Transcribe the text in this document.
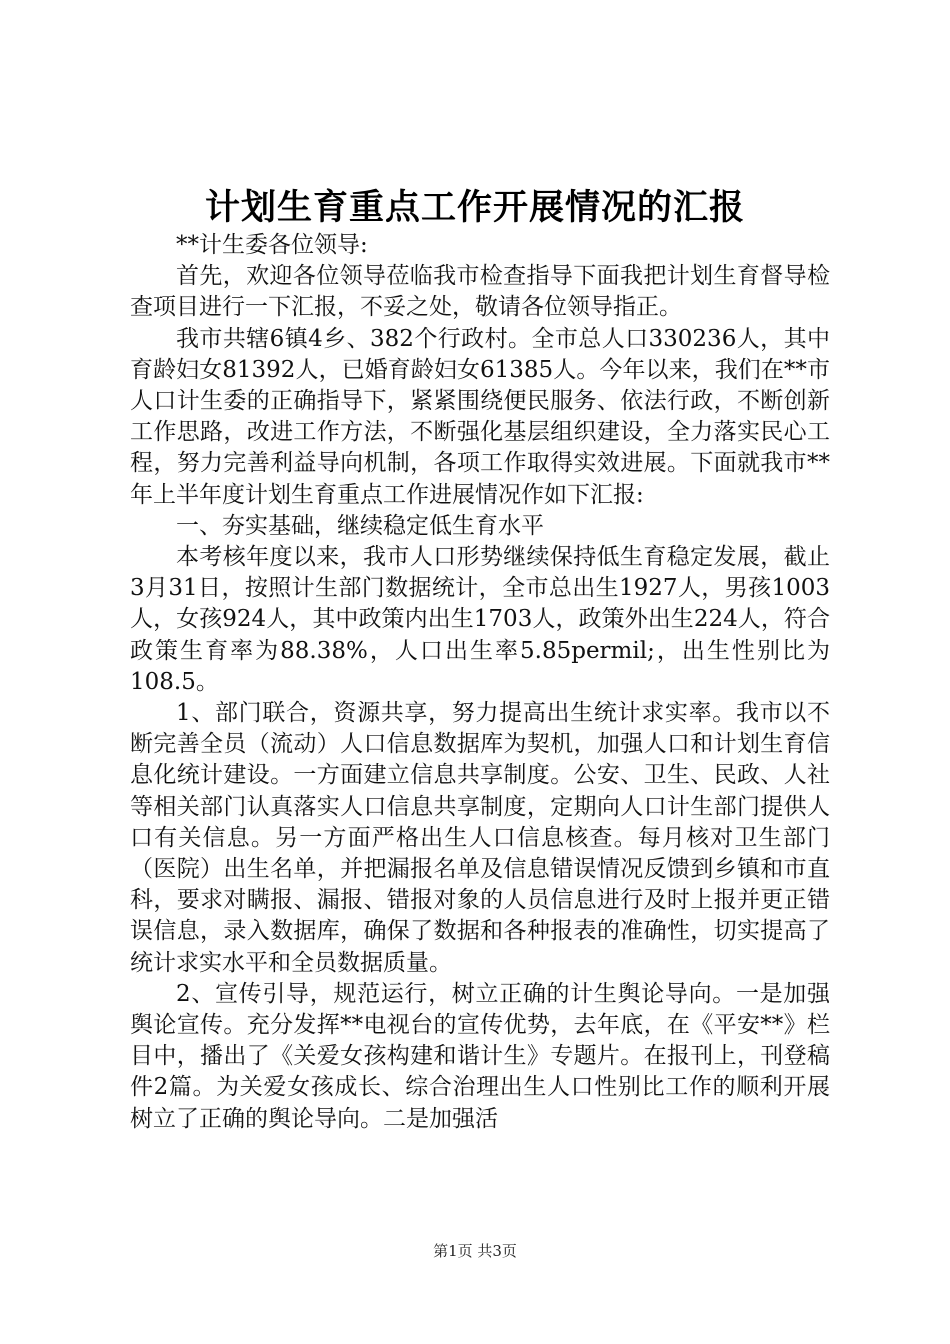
计划生育重点工作开展情况的汇报

**计生委各位领导:

首先，欢迎各位领导莅临我市检查指导下面我把计划生育督导检查项目进行一下汇报，不妥之处，敬请各位领导指正。

我市共辖6镇4乡、382个行政村。全市总人口330236人，其中育龄妇女81392人，已婚育龄妇女61385人。今年以来，我们在**市人口计生委的正确指导下，紧紧围绕便民服务、依法行政，不断创新工作思路，改进工作方法，不断强化基层组织建设，全力落实民心工程，努力完善利益导向机制，各项工作取得实效进展。下面就我市**年上半年度计划生育重点工作进展情况作如下汇报:

一、夯实基础，继续稳定低生育水平

本考核年度以来，我市人口形势继续保持低生育稳定发展，截止3月31日，按照计生部门数据统计，全市总出生1927人，男孩1003人，女孩924人，其中政策内出生1703人，政策外出生224人，符合政策生育率为88.38%，人口出生率5.85permil;，出生性别比为108.5。

1、部门联合，资源共享，努力提高出生统计求实率。我市以不断完善全员（流动）人口信息数据库为契机，加强人口和计划生育信息化统计建设。一方面建立信息共享制度。公安、卫生、民政、人社等相关部门认真落实人口信息共享制度，定期向人口计生部门提供人口有关信息。另一方面严格出生人口信息核查。每月核对卫生部门（医院）出生名单，并把漏报名单及信息错误情况反馈到乡镇和市直科，要求对瞒报、漏报、错报对象的人员信息进行及时上报并更正错误信息，录入数据库，确保了数据和各种报表的准确性，切实提高了统计求实水平和全员数据质量。

2、宣传引导，规范运行，树立正确的计生舆论导向。一是加强舆论宣传。充分发挥**电视台的宣传优势，去年底，在《平安**》栏目中，播出了《关爱女孩构建和谐计生》专题片。在报刊上，刊登稿件2篇。为关爱女孩成长、综合治理出生人口性别比工作的顺利开展树立了正确的舆论导向。二是加强活

第1页 共3页
